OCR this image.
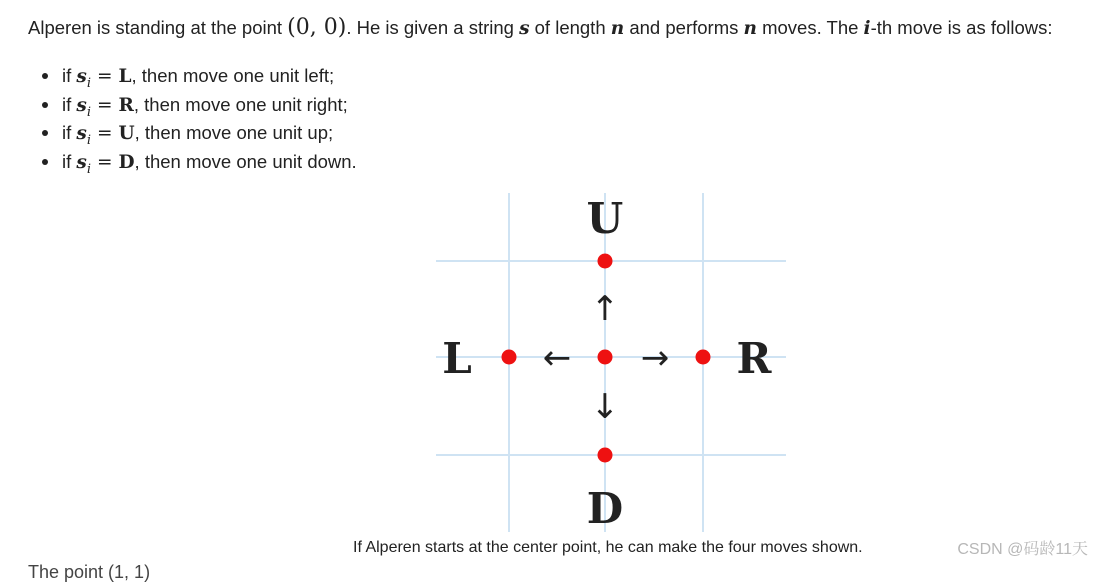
Alperen is standing at the point (0, 0). He is given a string s of length n and performs n moves. The i-th move is as follows:
if $s_i = L$, then move one unit left;
if $s_i = R$, then move one unit right;
if $s_i = U$, then move one unit up;
if $s_i = D$, then move one unit down.
↑
↓
← →
U
D
L	R
If Alperen starts at the center point, he can make the four moves shown.	CSDN @码龄11天
The point (1, 1)
